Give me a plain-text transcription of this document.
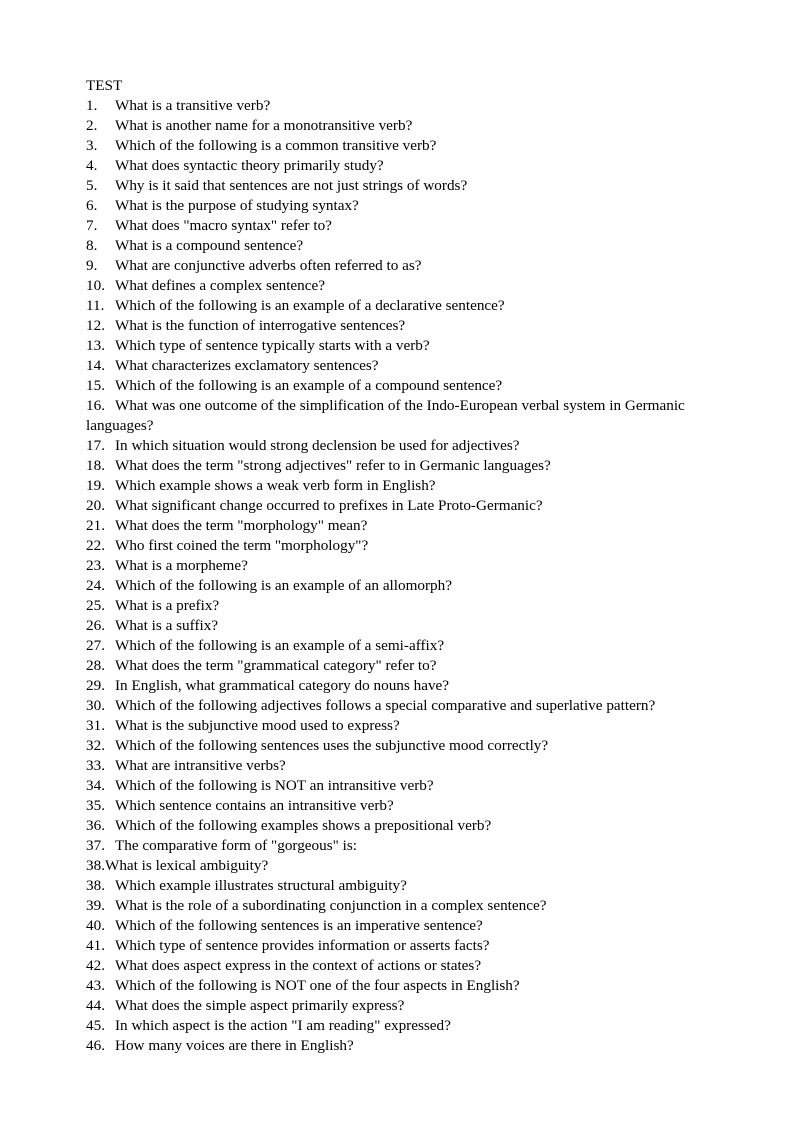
TEST
1. What is a transitive verb?
2. What is another name for a monotransitive verb?
3. Which of the following is a common transitive verb?
4. What does syntactic theory primarily study?
5. Why is it said that sentences are not just strings of words?
6. What is the purpose of studying syntax?
7. What does "macro syntax" refer to?
8. What is a compound sentence?
9. What are conjunctive adverbs often referred to as?
10. What defines a complex sentence?
11. Which of the following is an example of a declarative sentence?
12. What is the function of interrogative sentences?
13. Which type of sentence typically starts with a verb?
14. What characterizes exclamatory sentences?
15. Which of the following is an example of a compound sentence?
16. What was one outcome of the simplification of the Indo-European verbal system in Germanic languages?
17. In which situation would strong declension be used for adjectives?
18. What does the term "strong adjectives" refer to in Germanic languages?
19. Which example shows a weak verb form in English?
20. What significant change occurred to prefixes in Late Proto-Germanic?
21. What does the term "morphology" mean?
22. Who first coined the term "morphology"?
23. What is a morpheme?
24. Which of the following is an example of an allomorph?
25. What is a prefix?
26. What is a suffix?
27. Which of the following is an example of a semi-affix?
28. What does the term "grammatical category" refer to?
29. In English, what grammatical category do nouns have?
30. Which of the following adjectives follows a special comparative and superlative pattern?
31. What is the subjunctive mood used to express?
32. Which of the following sentences uses the subjunctive mood correctly?
33. What are intransitive verbs?
34. Which of the following is NOT an intransitive verb?
35. Which sentence contains an intransitive verb?
36. Which of the following examples shows a prepositional verb?
37. The comparative form of "gorgeous" is:
38.What is lexical ambiguity?
38. Which example illustrates structural ambiguity?
39. What is the role of a subordinating conjunction in a complex sentence?
40. Which of the following sentences is an imperative sentence?
41. Which type of sentence provides information or asserts facts?
42. What does aspect express in the context of actions or states?
43. Which of the following is NOT one of the four aspects in English?
44. What does the simple aspect primarily express?
45. In which aspect is the action "I am reading" expressed?
46. How many voices are there in English?
